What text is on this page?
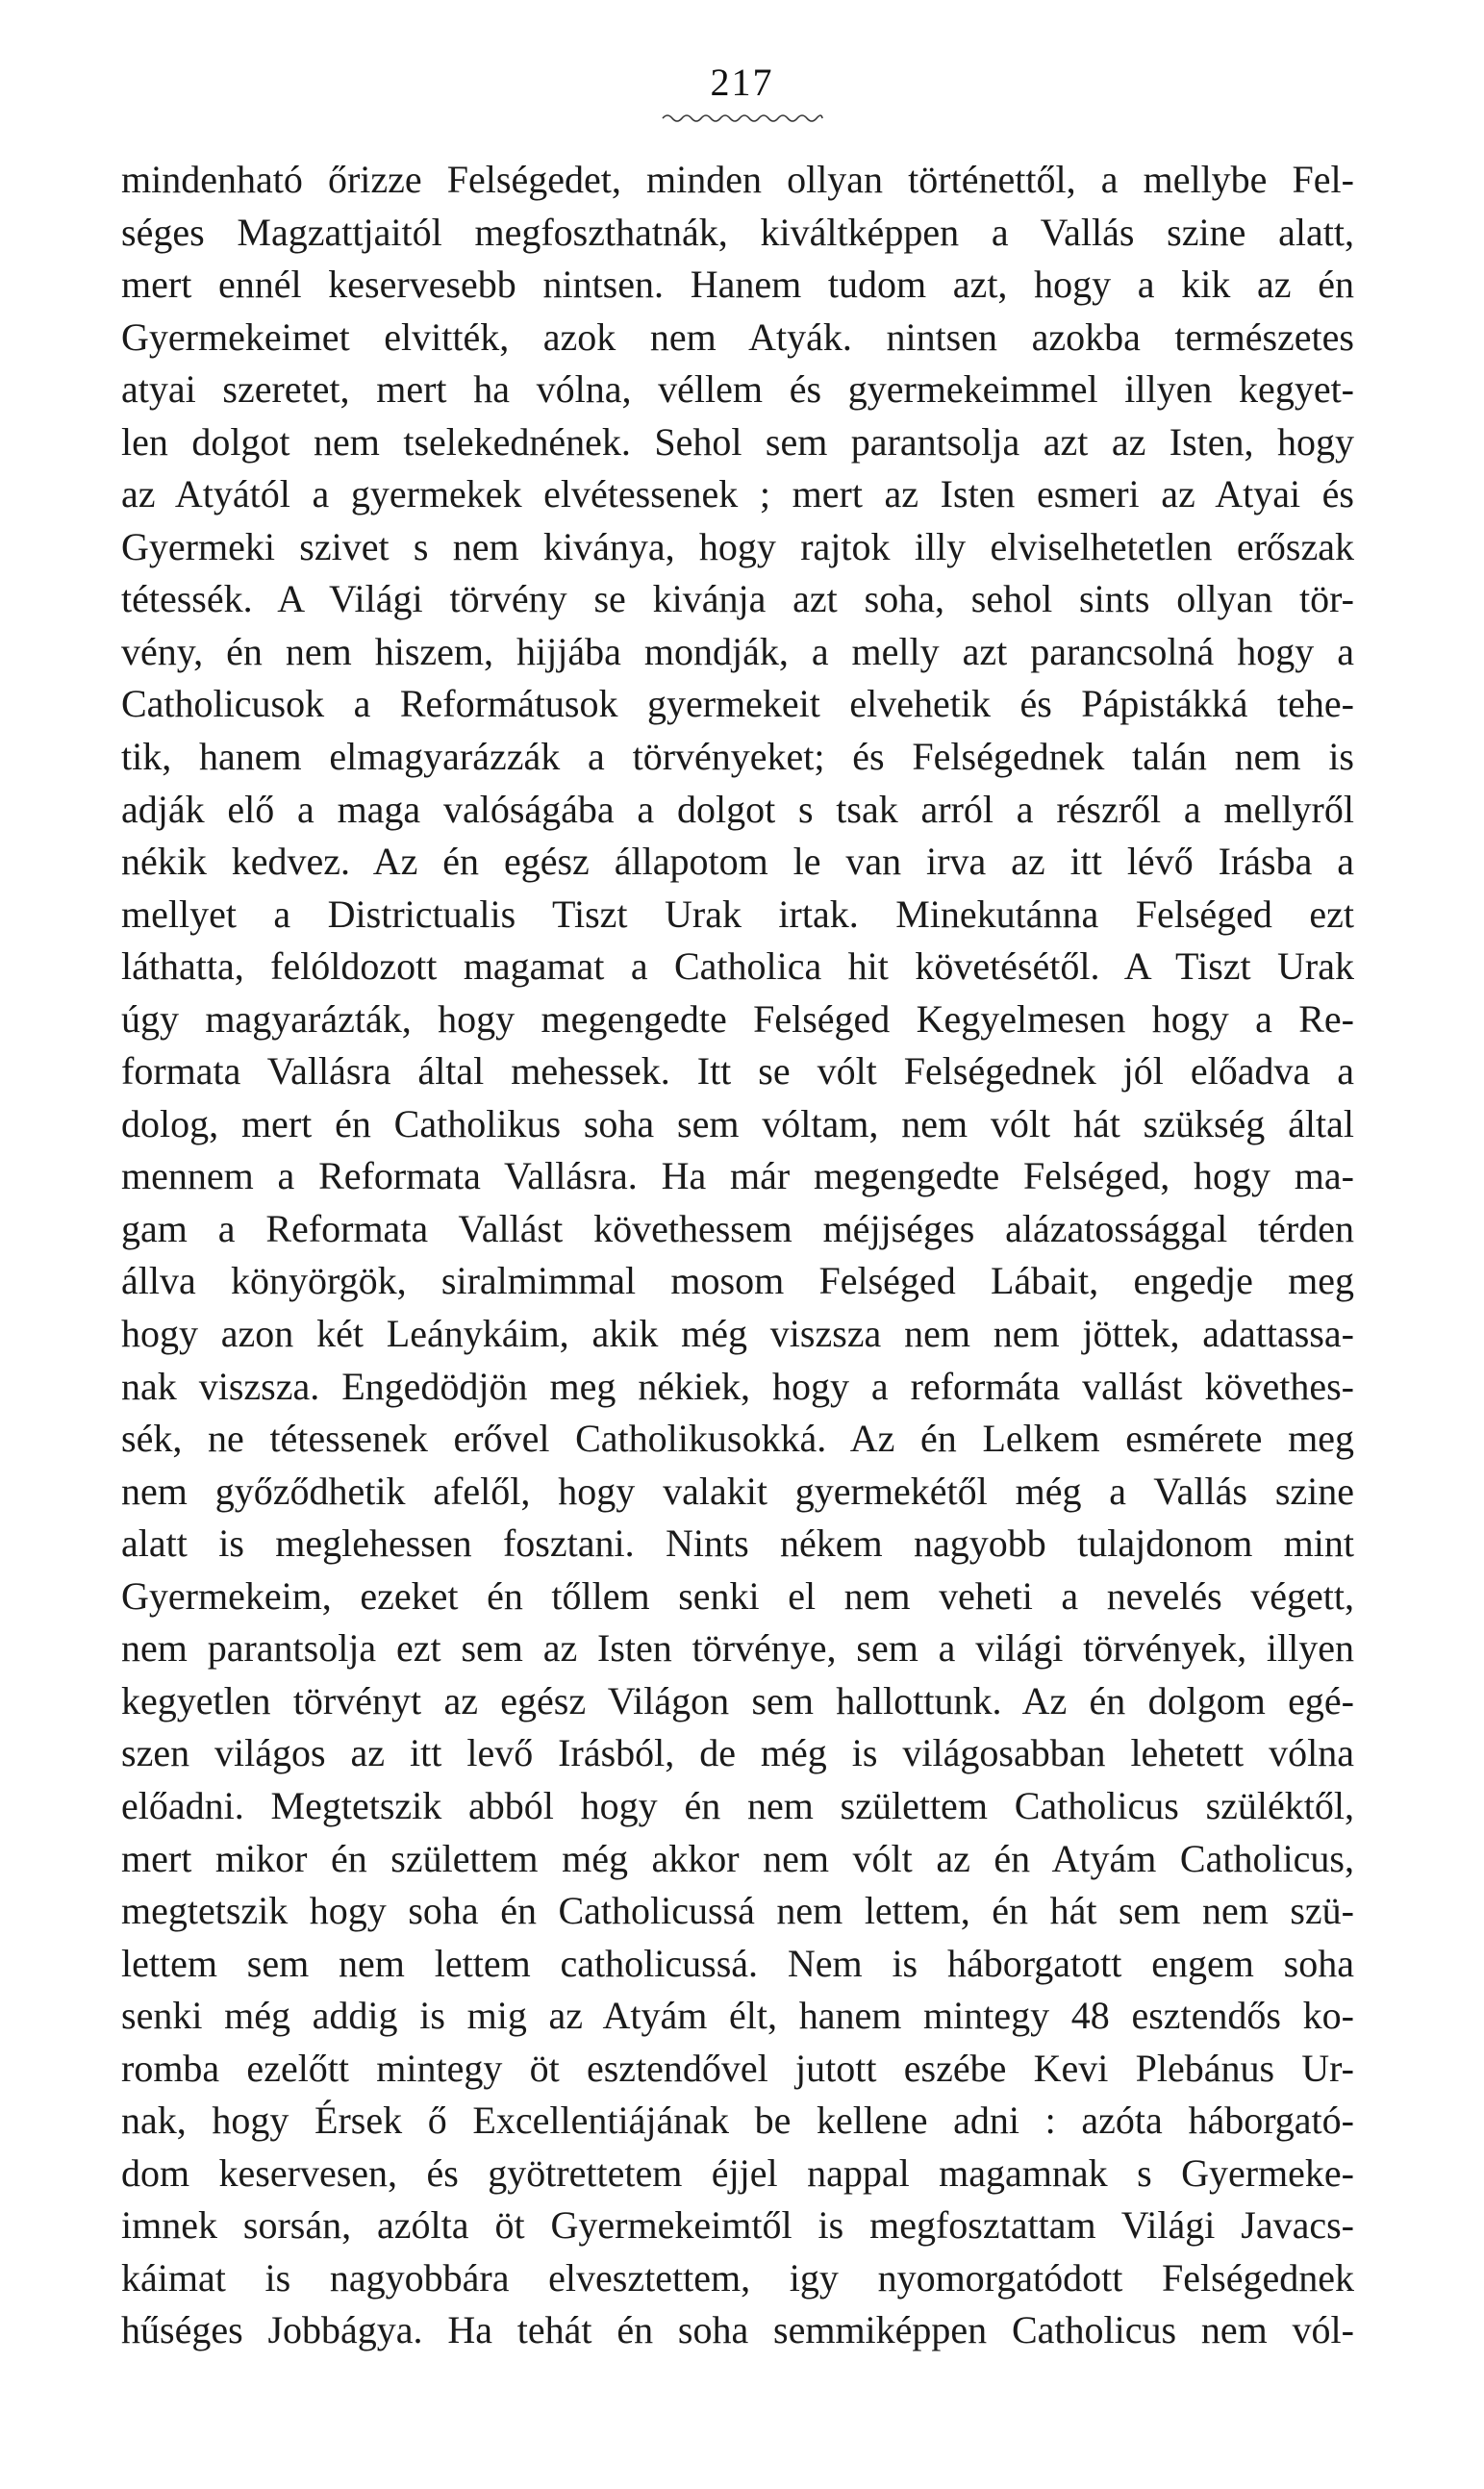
217
mindenható őrizze Felségedet, minden ollyan történettől, a mellybe Fel-
séges Magzattjaitól megfoszthatnák, kiváltképpen a Vallás szine alatt,
mert ennél keservesebb nintsen. Hanem tudom azt, hogy a kik az én
Gyermekeimet elvitték, azok nem Atyák. nintsen azokba természetes
atyai szeretet, mert ha vólna, véllem és gyermekeimmel illyen kegyet-
len dolgot nem tselekednének. Sehol sem parantsolja azt az Isten, hogy
az Atyától a gyermekek elvétessenek ; mert az Isten esmeri az Atyai és
Gyermeki szivet s nem kiványa, hogy rajtok illy elviselhetetlen erőszak
tétessék. A Világi törvény se kivánja azt soha, sehol sints ollyan tör-
vény, én nem hiszem, hijjába mondják, a melly azt parancsolná hogy a
Catholicusok a Reformátusok gyermekeit elvehetik és Pápistákká tehe-
tik, hanem elmagyarázzák a törvényeket; és Felségednek talán nem is
adják elő a maga valóságába a dolgot s tsak arról a részről a mellyről
nékik kedvez. Az én egész állapotom le van irva az itt lévő Irásba a
mellyet a Districtualis Tiszt Urak irtak. Minekutánna Felséged ezt
láthatta, felóldozott magamat a Catholica hit követésétől. A Tiszt Urak
úgy magyarázták, hogy megengedte Felséged Kegyelmesen hogy a Re-
formata Vallásra által mehessek. Itt se vólt Felségednek jól előadva a
dolog, mert én Catholikus soha sem vóltam, nem vólt hát szükség által
mennem a Reformata Vallásra. Ha már megengedte Felséged, hogy ma-
gam a Reformata Vallást követhessem méjjséges alázatossággal térden
állva könyörgök, siralmimmal mosom Felséged Lábait, engedje meg
hogy azon két Leánykáim, akik még viszsza nem nem jöttek, adattassa-
nak viszsza. Engedödjön meg nékiek, hogy a reformáta vallást követhes-
sék, ne tétessenek erővel Catholikusokká. Az én Lelkem esmérete meg
nem győződhetik afelől, hogy valakit gyermekétől még a Vallás szine
alatt is meglehessen fosztani. Nints nékem nagyobb tulajdonom mint
Gyermekeim, ezeket én tőllem senki el nem veheti a nevelés végett,
nem parantsolja ezt sem az Isten törvénye, sem a világi törvények, illyen
kegyetlen törvényt az egész Világon sem hallottunk. Az én dolgom egé-
szen világos az itt levő Irásból, de még is világosabban lehetett vólna
előadni. Megtetszik abból hogy én nem születtem Catholicus szüléktől,
mert mikor én születtem még akkor nem vólt az én Atyám Catholicus,
megtetszik hogy soha én Catholicussá nem lettem, én hát sem nem szü-
lettem sem nem lettem catholicussá. Nem is háborgatott engem soha
senki még addig is mig az Atyám élt, hanem mintegy 48 esztendős ko-
romba ezelőtt mintegy öt esztendővel jutott eszébe Kevi Plebánus Ur-
nak, hogy Érsek ő Excellentiájának be kellene adni : azóta háborgató-
dom keservesen, és gyötrettetem éjjel nappal magamnak s Gyermeke-
imnek sorsán, azólta öt Gyermekeimtől is megfosztattam Világi Javacs-
káimat is nagyobbára elvesztettem, igy nyomorgatódott Felségednek
hűséges Jobbágya. Ha tehát én soha semmiképpen Catholicus nem vól-
